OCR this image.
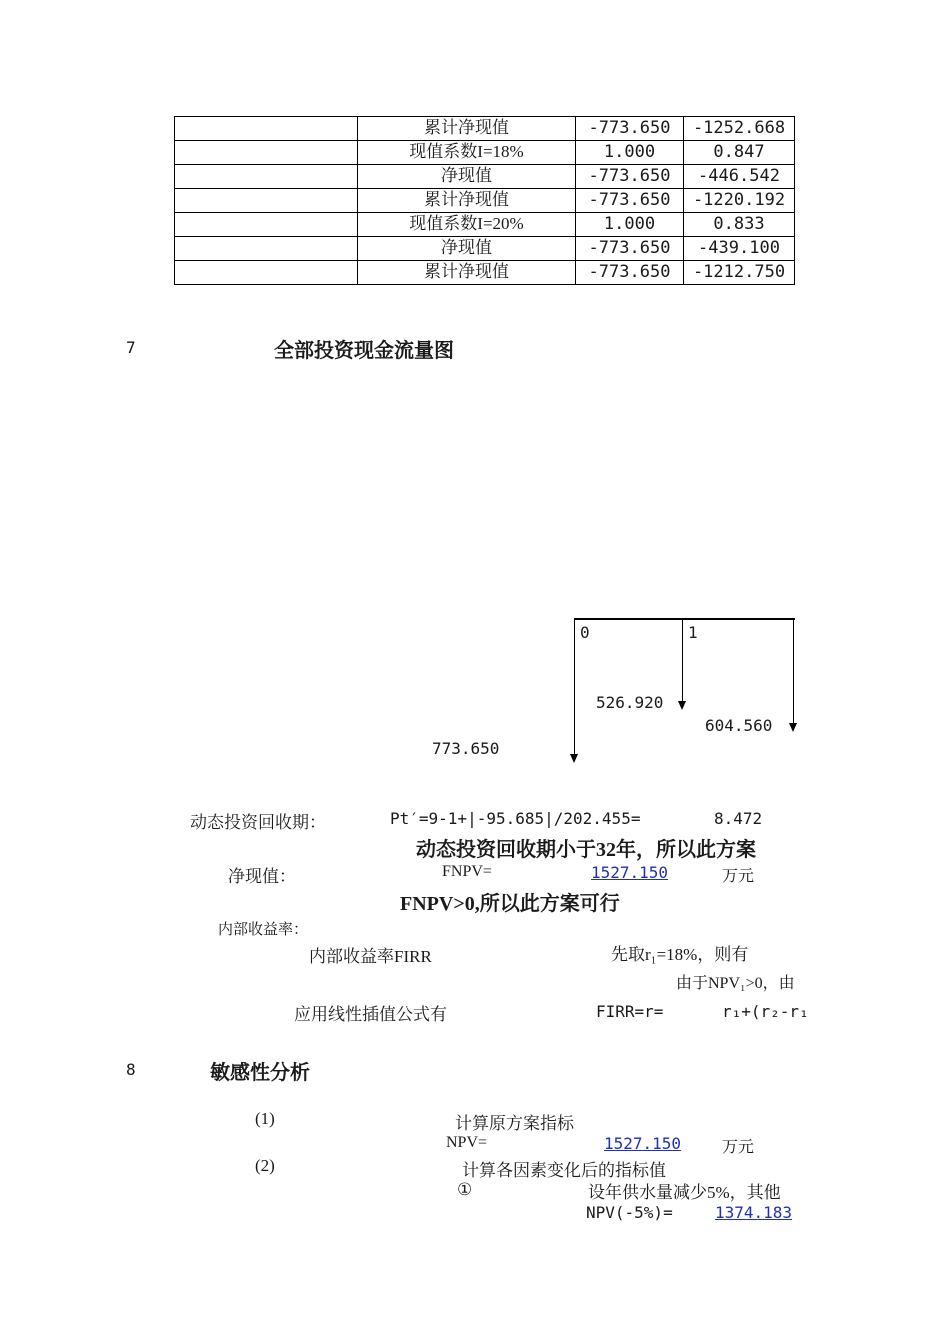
累计净现值	-773.650	-1252.668
现值系数I=18%	1.000	0.847
净现值	-773.650	-446.542
累计净现值	-773.650	-1220.192
现值系数I=20%	1.000	0.833
净现值	-773.650	-439.100
累计净现值	-773.650	-1212.750
7	全部投资现金流量图
0	1
526.920
604.560
773.650
动态投资回收期：	Pt′=9-1+|-95.685|/202.455=	8.472
动态投资回收期小于32年，所以此方案
净现值：	FNPV=	1527.150	万元
FNPV>0,所以此方案可行
内部收益率：
内部收益率FIRR	先取r₁=18%，则有
由于NPV₁>0，由
应用线性插值公式有	FIRR=r=	r₁+(r₂-r₁
8	敏感性分析
(1)	计算原方案指标
NPV=	1527.150	万元
(2)	计算各因素变化后的指标值
①	设年供水量减少5%，其他
NPV(-5%)=	1374.183
